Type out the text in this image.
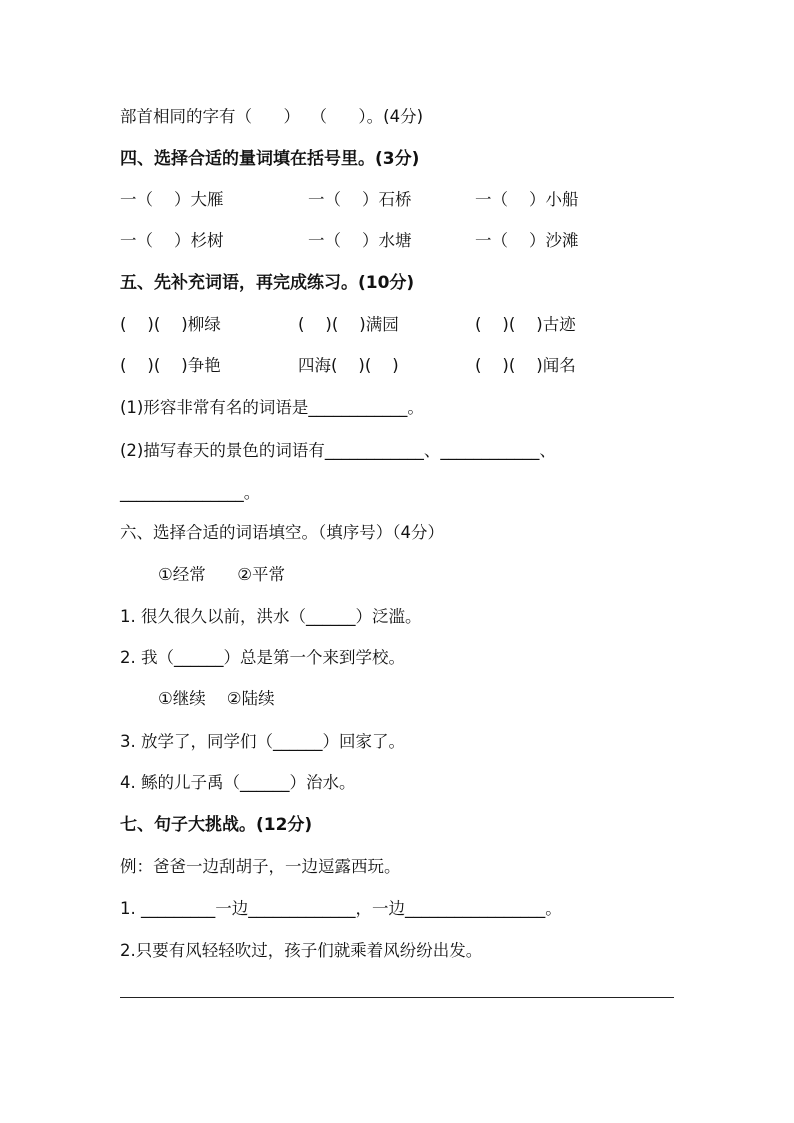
部首相同的字有（      ）  （      ）。(4分)
四、选择合适的量词填在括号里。(3分)
一（    ）大雁	一（    ）石桥	一（    ）小船
一（    ）杉树	一（    ）水塘	一（    ）沙滩
五、先补充词语，再完成练习。(10分)
(    )(    )柳绿	(    )(    )满园	(    )(    )古迹
(    )(    )争艳	四海(    )(    )	(    )(    )闻名
(1)形容非常有名的词语是____________。
(2)描写春天的景色的词语有____________、____________、
_______________。
六、选择合适的词语填空。（填序号）（4分）
①经常      ②平常
1. 很久很久以前，洪水（______）泛滥。
2. 我（______）总是第一个来到学校。
①继续    ②陆续
3. 放学了，同学们（______）回家了。
4. 鲧的儿子禹（______）治水。
七、句子大挑战。(12分)
例：爸爸一边刮胡子，一边逗露西玩。
1. _________一边_____________，一边_________________。
2.只要有风轻轻吹过，孩子们就乘着风纷纷出发。
